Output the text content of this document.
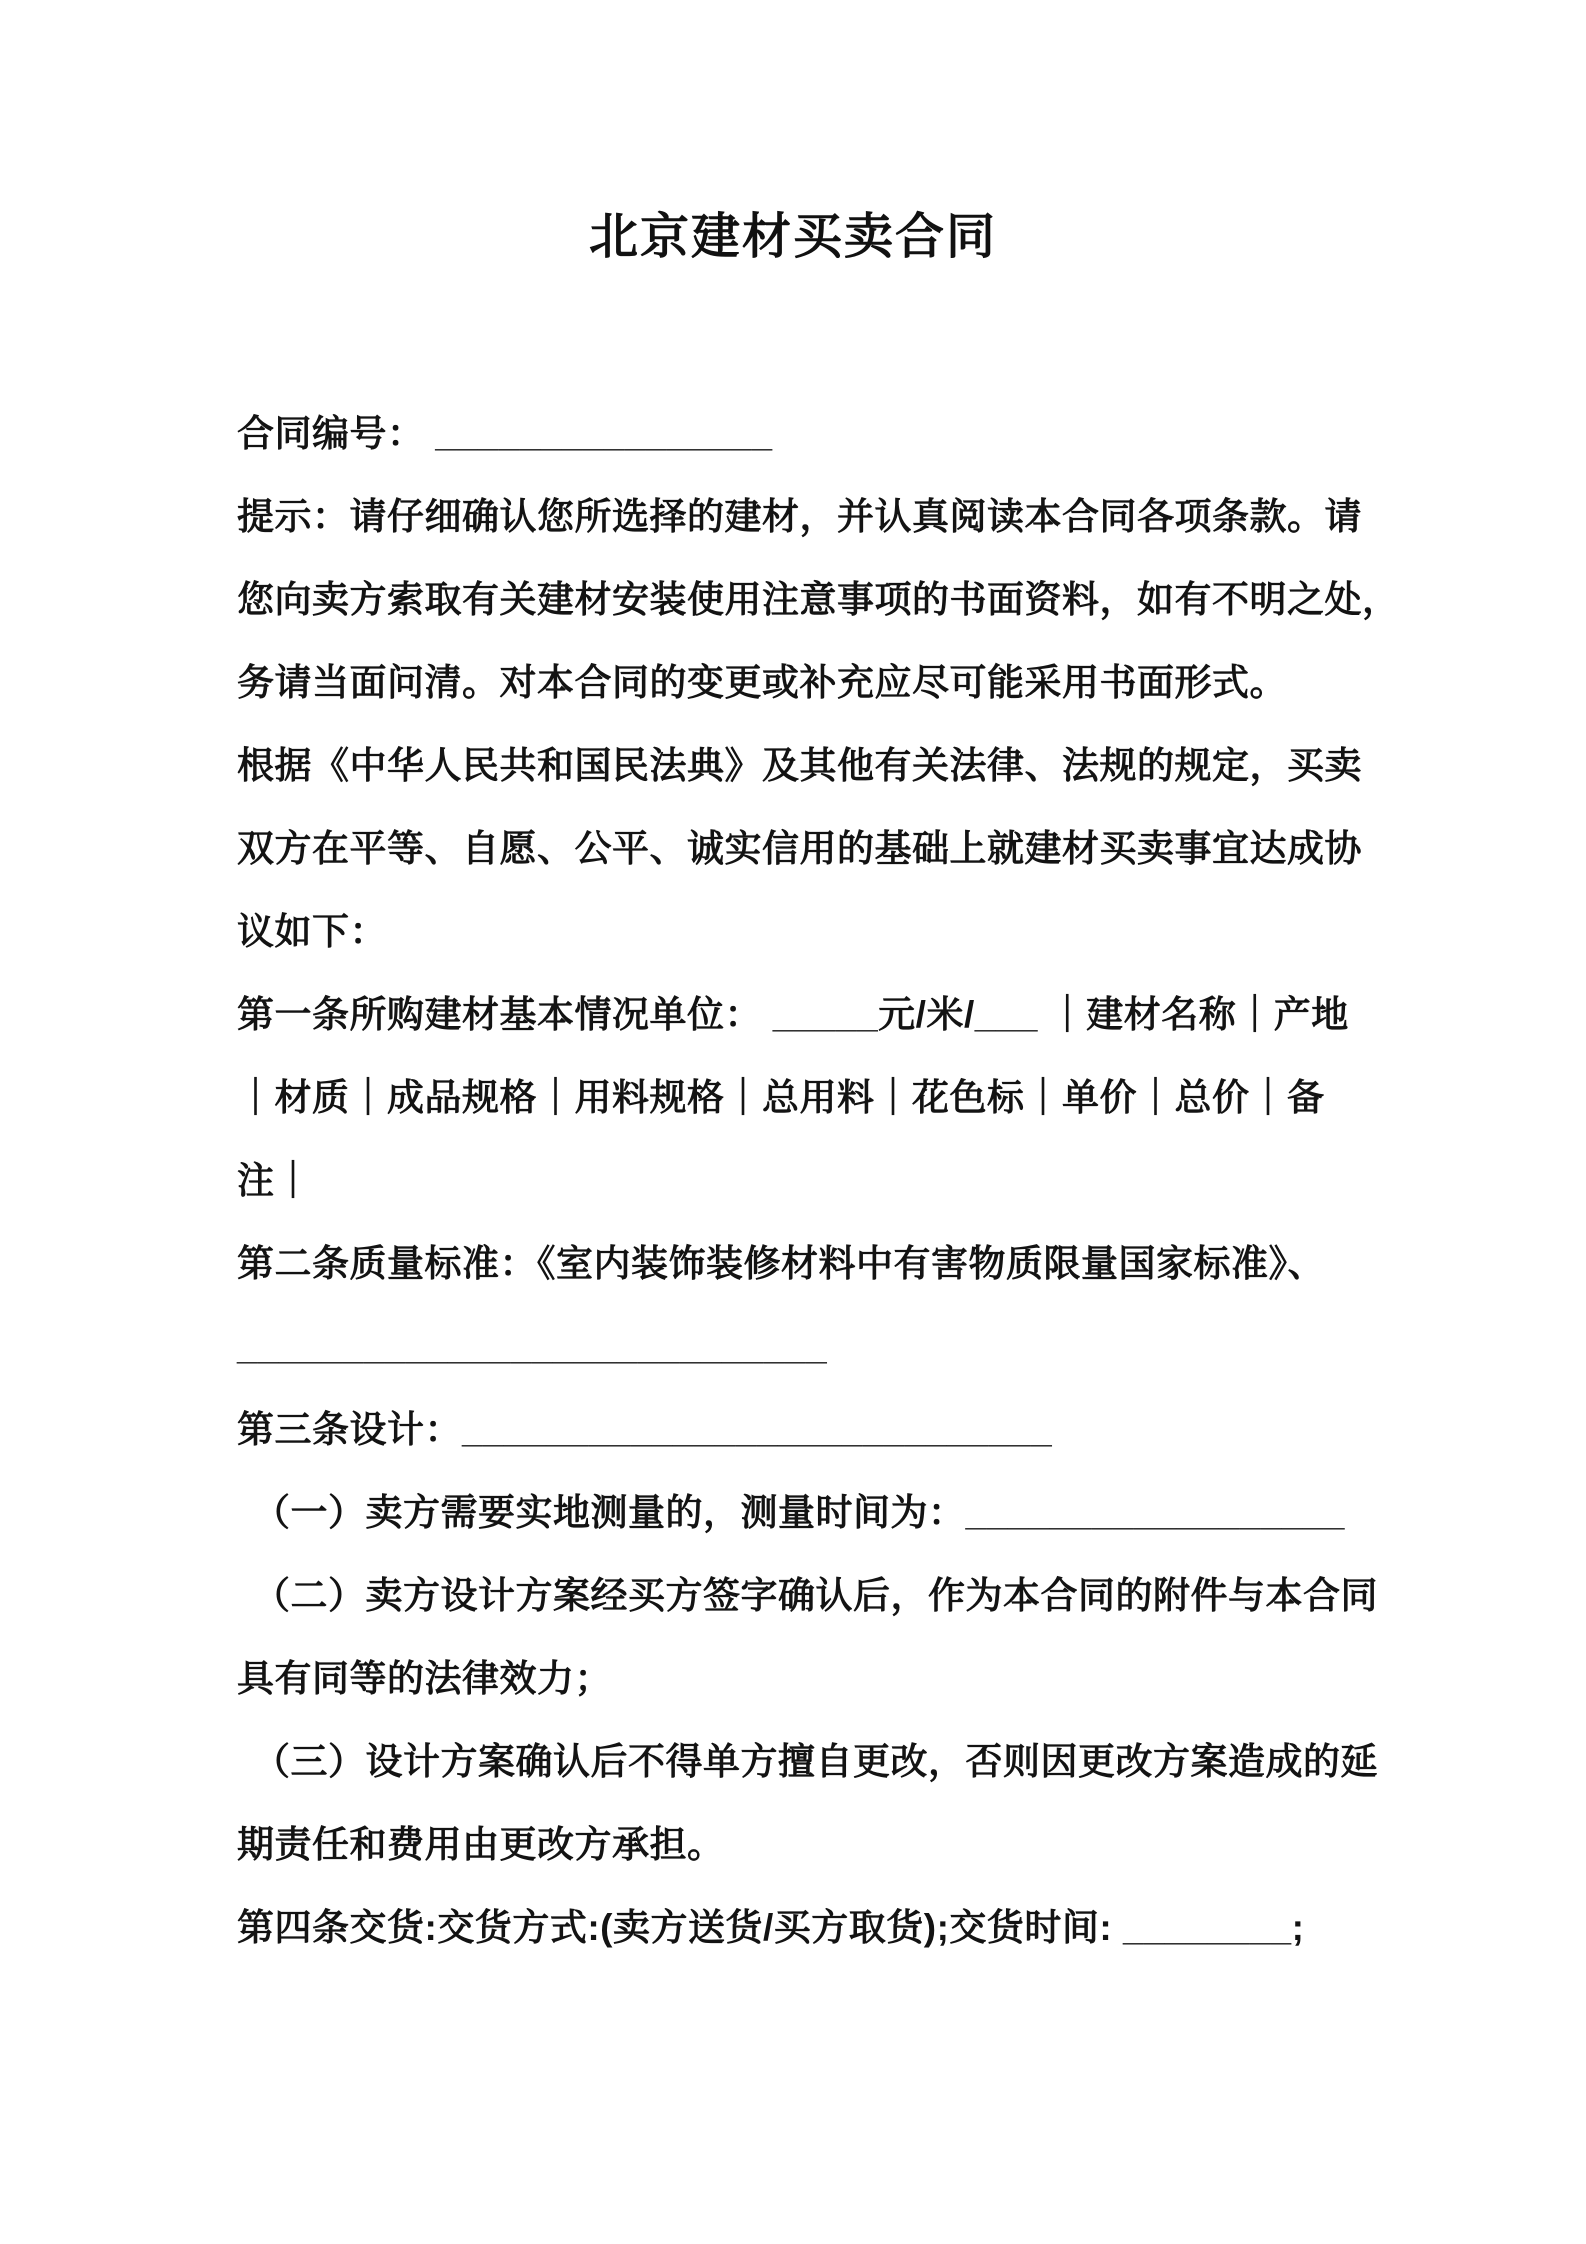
北京建材买卖合同
合同编号： ________________
提示：请仔细确认您所选择的建材，并认真阅读本合同各项条款。请
您向卖方索取有关建材安装使用注意事项的书面资料，如有不明之处，
务请当面问清。对本合同的变更或补充应尽可能采用书面形式。
根据《中华人民共和国民法典》及其他有关法律、法规的规定，买卖
双方在平等、自愿、公平、诚实信用的基础上就建材买卖事宜达成协
议如下：
第一条所购建材基本情况单位： _____元/米/___ ｜建材名称｜产地
｜材质｜成品规格｜用料规格｜总用料｜花色标｜单价｜总价｜备
注｜
第二条质量标准：《室内装饰装修材料中有害物质限量国家标准》、
____________________________
第三条设计：____________________________
（一）卖方需要实地测量的，测量时间为：__________________
（二）卖方设计方案经买方签字确认后，作为本合同的附件与本合同
具有同等的法律效力；
（三）设计方案确认后不得单方擅自更改，否则因更改方案造成的延
期责任和费用由更改方承担。
第四条交货:交货方式:(卖方送货/买方取货);交货时间: ________;
